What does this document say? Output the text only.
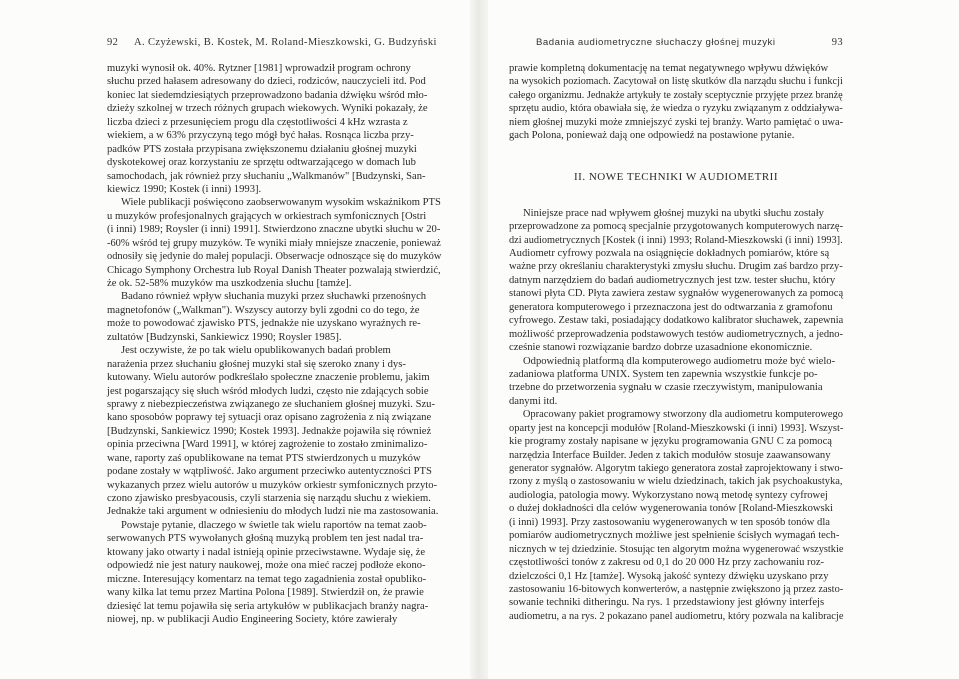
92 A. Czyżewski, B. Kostek, M. Roland-Mieszkowski, G. Budzyński
muzyki wynosił ok. 40%. Rytzner [1981] wprowadził program ochrony
słuchu przed hałasem adresowany do dzieci, rodziców, nauczycieli itd. Pod
koniec lat siedemdziesiątych przeprowadzono badania dźwięku wśród mło-
dzieży szkolnej w trzech różnych grupach wiekowych. Wyniki pokazały, że
liczba dzieci z przesunięciem progu dla częstotliwości 4 kHz wzrasta z
wiekiem, a w 63% przyczyną tego mógł być hałas. Rosnąca liczba przy-
padków PTS została przypisana zwiększonemu działaniu głośnej muzyki
dyskotekowej oraz korzystaniu ze sprzętu odtwarzającego w domach lub
samochodach, jak również przy słuchaniu „Walkmanów" [Budzynski, San-
kiewicz 1990; Kostek (i inni) 1993].
Wiele publikacji poświęcono zaobserwowanym wysokim wskaźnikom PTS
u muzyków profesjonalnych grających w orkiestrach symfonicznych [Ostri
(i inni) 1989; Roysler (i inni) 1991]. Stwierdzono znaczne ubytki słuchu w 20-
-60% wśród tej grupy muzyków. Te wyniki miały mniejsze znaczenie, ponieważ
odnosiły się jedynie do małej populacji. Obserwacje odnoszące się do muzyków
Chicago Symphony Orchestra lub Royal Danish Theater pozwalają stwierdzić,
że ok. 52-58% muzyków ma uszkodzenia słuchu [tamże].
Badano również wpływ słuchania muzyki przez słuchawki przenośnych
magnetofonów („Walkman"). Wszyscy autorzy byli zgodni co do tego, że
może to powodować zjawisko PTS, jednakże nie uzyskano wyraźnych re-
zultatów [Budzynski, Sankiewicz 1990; Roysler 1985].
Jest oczywiste, że po tak wielu opublikowanych badań problem
narażenia przez słuchaniu głośnej muzyki stał się szeroko znany i dys-
kutowany. Wielu autorów podkreślało społeczne znaczenie problemu, jakim
jest pogarszający się słuch wśród młodych ludzi, często nie zdających sobie
sprawy z niebezpieczeństwa związanego ze słuchaniem głośnej muzyki. Szu-
kano sposobów poprawy tej sytuacji oraz opisano zagrożenia z nią związane
[Budzynski, Sankiewicz 1990; Kostek 1993]. Jednakże pojawiła się również
opinia przeciwna [Ward 1991], w której zagrożenie to zostało zminimalizo-
wane, raporty zaś opublikowane na temat PTS stwierdzonych u muzyków
podane zostały w wątpliwość. Jako argument przeciwko autentyczności PTS
wykazanych przez wielu autorów u muzyków orkiestr symfonicznych przyto-
czono zjawisko presbyacousis, czyli starzenia się narządu słuchu z wiekiem.
Jednakże taki argument w odniesieniu do młodych ludzi nie ma zastosowania.
Powstaje pytanie, dlaczego w świetle tak wielu raportów na temat zaob-
serwowanych PTS wywołanych głośną muzyką problem ten jest nadal tra-
ktowany jako otwarty i nadal istnieją opinie przeciwstawne. Wydaje się, że
odpowiedź nie jest natury naukowej, może ona mieć raczej podłoże ekono-
miczne. Interesujący komentarz na temat tego zagadnienia został opubliko-
wany kilka lat temu przez Martina Polona [1989]. Stwierdził on, że prawie
dziesięć lat temu pojawiła się seria artykułów w publikacjach branży nagra-
niowej, np. w publikacji Audio Engineering Society, które zawierały
Badania audiometryczne słuchaczy głośnej muzyki	93
prawie kompletną dokumentację na temat negatywnego wpływu dźwięków
na wysokich poziomach. Zacytował on listę skutków dla narządu słuchu i funkcji
całego organizmu. Jednakże artykuły te zostały sceptycznie przyjęte przez branżę
sprzętu audio, która obawiała się, że wiedza o ryzyku związanym z oddziaływa-
niem głośnej muzyki może zmniejszyć zyski tej branży. Warto pamiętać o uwa-
gach Polona, ponieważ dają one odpowiedź na postawione pytanie.
II. NOWE TECHNIKI W AUDIOMETRII
Niniejsze prace nad wpływem głośnej muzyki na ubytki słuchu zostały
przeprowadzone za pomocą specjalnie przygotowanych komputerowych narzę-
dzi audiometrycznych [Kostek (i inni) 1993; Roland-Mieszkowski (i inni) 1993].
Audiometr cyfrowy pozwala na osiągnięcie dokładnych pomiarów, które są
ważne przy określaniu charakterystyki zmysłu słuchu. Drugim zaś bardzo przy-
datnym narzędziem do badań audiometrycznych jest tzw. tester słuchu, który
stanowi płyta CD. Płyta zawiera zestaw sygnałów wygenerowanych za pomocą
generatora komputerowego i przeznaczona jest do odtwarzania z gramofonu
cyfrowego. Zestaw taki, posiadający dodatkowo kalibrator słuchawek, zapewnia
możliwość przeprowadzenia podstawowych testów audiometrycznych, a jedno-
cześnie stanowi rozwiązanie bardzo dobrze uzasadnione ekonomicznie.
Odpowiednią platformą dla komputerowego audiometru może być wielo-
zadaniowa platforma UNIX. System ten zapewnia wszystkie funkcje po-
trzebne do przetworzenia sygnału w czasie rzeczywistym, manipulowania
danymi itd.
Opracowany pakiet programowy stworzony dla audiometru komputerowego
oparty jest na koncepcji modułów [Roland-Mieszkowski (i inni) 1993]. Wszyst-
kie programy zostały napisane w języku programowania GNU C za pomocą
narzędzia Interface Builder. Jeden z takich modułów stosuje zaawansowany
generator sygnałów. Algorytm takiego generatora został zaprojektowany i stwo-
rzony z myślą o zastosowaniu w wielu dziedzinach, takich jak psychoakustyka,
audiologia, patologia mowy. Wykorzystano nową metodę syntezy cyfrowej
o dużej dokładności dla celów wygenerowania tonów [Roland-Mieszkowski
(i inni) 1993]. Przy zastosowaniu wygenerowanych w ten sposób tonów dla
pomiarów audiometrycznych możliwe jest spełnienie ścisłych wymagań tech-
nicznych w tej dziedzinie. Stosując ten algorytm można wygenerować wszystkie
częstotliwości tonów z zakresu od 0,1 do 20 000 Hz przy zachowaniu roz-
dzielczości 0,1 Hz [tamże]. Wysoką jakość syntezy dźwięku uzyskano przy
zastosowaniu 16-bitowych konwerterów, a następnie zwiększono ją przez zasto-
sowanie techniki ditheringu. Na rys. 1 przedstawiony jest główny interfejs
audiometru, a na rys. 2 pokazano panel audiometru, który pozwala na kalibracje
